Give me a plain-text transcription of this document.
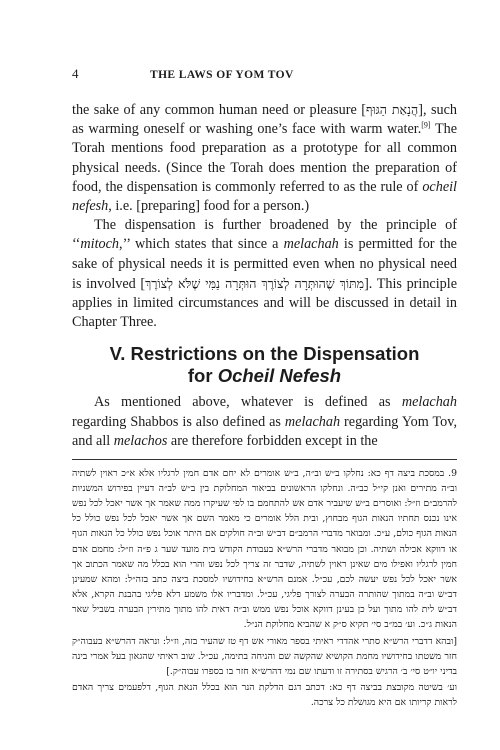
4	THE LAWS OF YOM TOV

the sake of any common human need or pleasure [הֲנָאַת הַגּוּף], such as warming oneself or washing one’s face with warm water.[9] The Torah mentions food preparation as a prototype for all common physical needs. (Since the Torah does mention the preparation of food, the dispensation is commonly referred to as the rule of ocheil nefesh, i.e. [preparing] food for a person.)

The dispensation is further broadened by the principle of ‘‘mitoch,’’ which states that since a melachah is permitted for the sake of physical needs it is permitted even when no physical need is involved [מִתּוֹךְ שֶׁהוּתְּרָה לְצוֹרֶךְ הוּתְּרָה נַמִּי שֶׁלֹּא לְצוֹרֶךְ]. This principle applies in limited circumstances and will be discussed in detail in Chapter Three.

V. Restrictions on the Dispensation
for Ocheil Nefesh

As mentioned above, whatever is defined as melachah regarding Shabbos is also defined as melachah regarding Yom Tov, and all melachos are therefore forbidden except in the

9. במסכת ביצה דף כא: נחלקו ב״ש וב״ה, ב״ש אומרים לא יחם אדם חמין לרגליו אלא א״כ ראוין לשתיה וב״ה מתירים ואנן קי״ל כב״ה. ונחלקו הראשונים בביאור המחלוקת בין ב״ש לב״ה דעיין בפירוש המשניות להרמב״ם וז״ל: ואוסרים ב״ש שיעביר אדם אש להתחמם בו לפי שעיקרו ממה שאמר אך אשר יאכל לכל נפש אינו נכנס תחתיו הנאות הגוף מבחוץ, ובית הלל אומרים כי מאמר השם אך אשר יאכל לכל נפש כולל כל הנאות הגוף כולם, ע״כ. ומבואר מדברי הרמב״ם דב״ש וב״ה חולקים אם היתר אוכל נפש כולל כל הנאות הגוף או דווקא אכילה ושתיה. וכן מבואר מדברי הרש״א בעבודת הקודש בית מועד שער ג פ״ה וז״ל: מחמם אדם חמין לרגליו ואפילו מים שאינן ראוין לשתיה, שדבר זה צריך לכל נפש והרי הוא בכלל מה שאמר הכתוב אך אשר יאכל לכל נפש יעשה לכם, עכ״ל. אמנם הרש״א בחידושיו למסכת ביצה כתב בזה״ל: ומהא שמעינן דב״ש וב״ה במתוך שהותרה הבערה לצורך פליגי, עכ״ל. ומדבריו אלו משמע דלא פליגי בהבנת הקרא, אלא דב״ש לית להו מתוך ועל כן בעינן דווקא אוכל נפש ממש וב״ה דאית להו מתוך מתירין הבערה בשביל שאר הנאות ג״כ. וע׳ במ״ב סי׳ תקיא ס״ק א שהביא מחלוקת הנ״ל.

[ובהא דדברי הרש״א סתרי אהדדי ראיתי בספר מאורי אש דף טז שהעיר בזה, וז״ל: ונראה דהרש״א בעבוה״ק חזר משטתו בחידושיו מחמת הקושיא שהקשה שם והניחה בתימה, עכ״ל. שוב ראיתי שהגאון בעל אמרי בינה בדיני יו״ט סי׳ ב׳ הרגיש בסתירה זו ודעתו שם נמי דהרש״א חזר בו בספרו עבוה״ק.]

וע׳ בשיטה מקובצת בביצה דף כא: דכתב דגם הדלקת הנר הוא בכלל הנאת הגוף, דלפעמים צריך האדם לראות קריותו אם היא מגושלת כל צרכה.
